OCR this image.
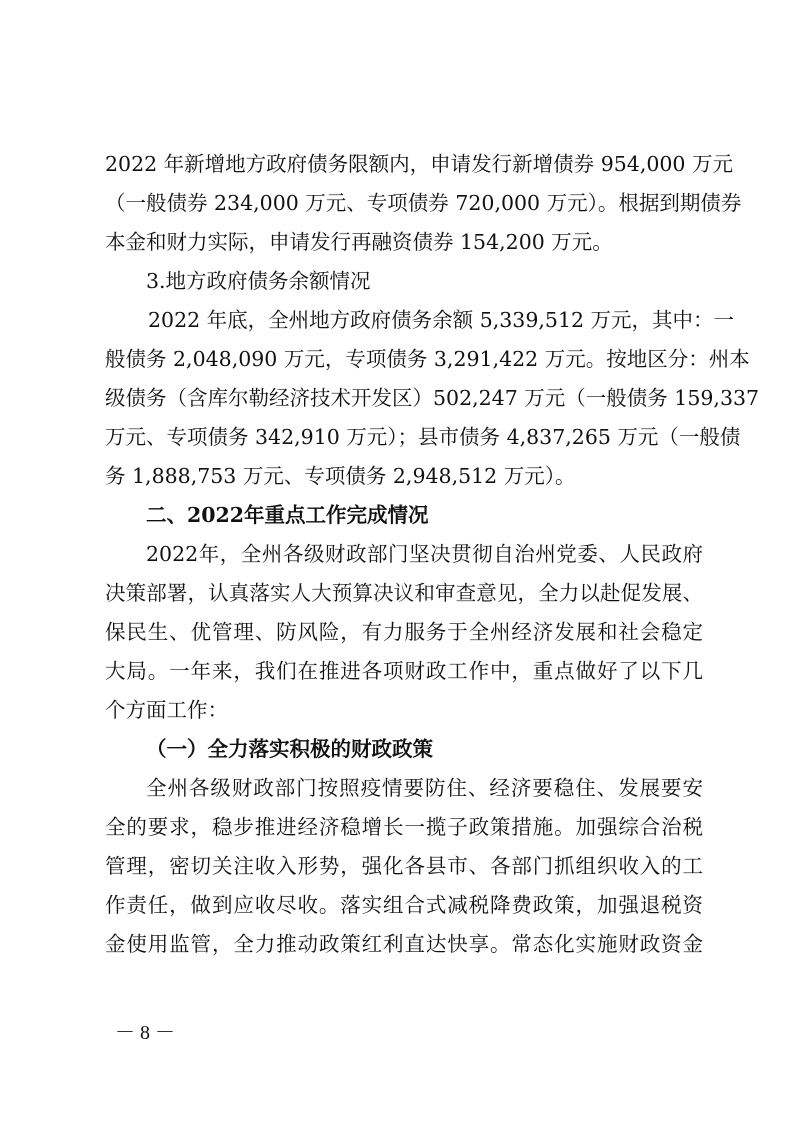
2022 年新增地方政府债务限额内，申请发行新增债券 954,000 万元
（一般债券 234,000 万元、专项债券 720,000 万元）。根据到期债券
本金和财力实际，申请发行再融资债券 154,200 万元。
3.地方政府债务余额情况
2022 年底，全州地方政府债务余额 5,339,512 万元，其中：一
般债务 2,048,090 万元，专项债务 3,291,422 万元。按地区分：州本
级债务（含库尔勒经济技术开发区）502,247 万元（一般债务 159,337
万元、专项债务 342,910 万元）；县市债务 4,837,265 万元（一般债
务 1,888,753 万元、专项债务 2,948,512 万元）。
二、2022年重点工作完成情况
2022年，全州各级财政部门坚决贯彻自治州党委、人民政府
决策部署，认真落实人大预算决议和审查意见，全力以赴促发展、
保民生、优管理、防风险，有力服务于全州经济发展和社会稳定
大局。一年来，我们在推进各项财政工作中，重点做好了以下几
个方面工作：
（一）全力落实积极的财政政策
全州各级财政部门按照疫情要防住、经济要稳住、发展要安
全的要求，稳步推进经济稳增长一揽子政策措施。加强综合治税
管理，密切关注收入形势，强化各县市、各部门抓组织收入的工
作责任，做到应收尽收。落实组合式减税降费政策，加强退税资
金使用监管，全力推动政策红利直达快享。常态化实施财政资金
－ 8 －
